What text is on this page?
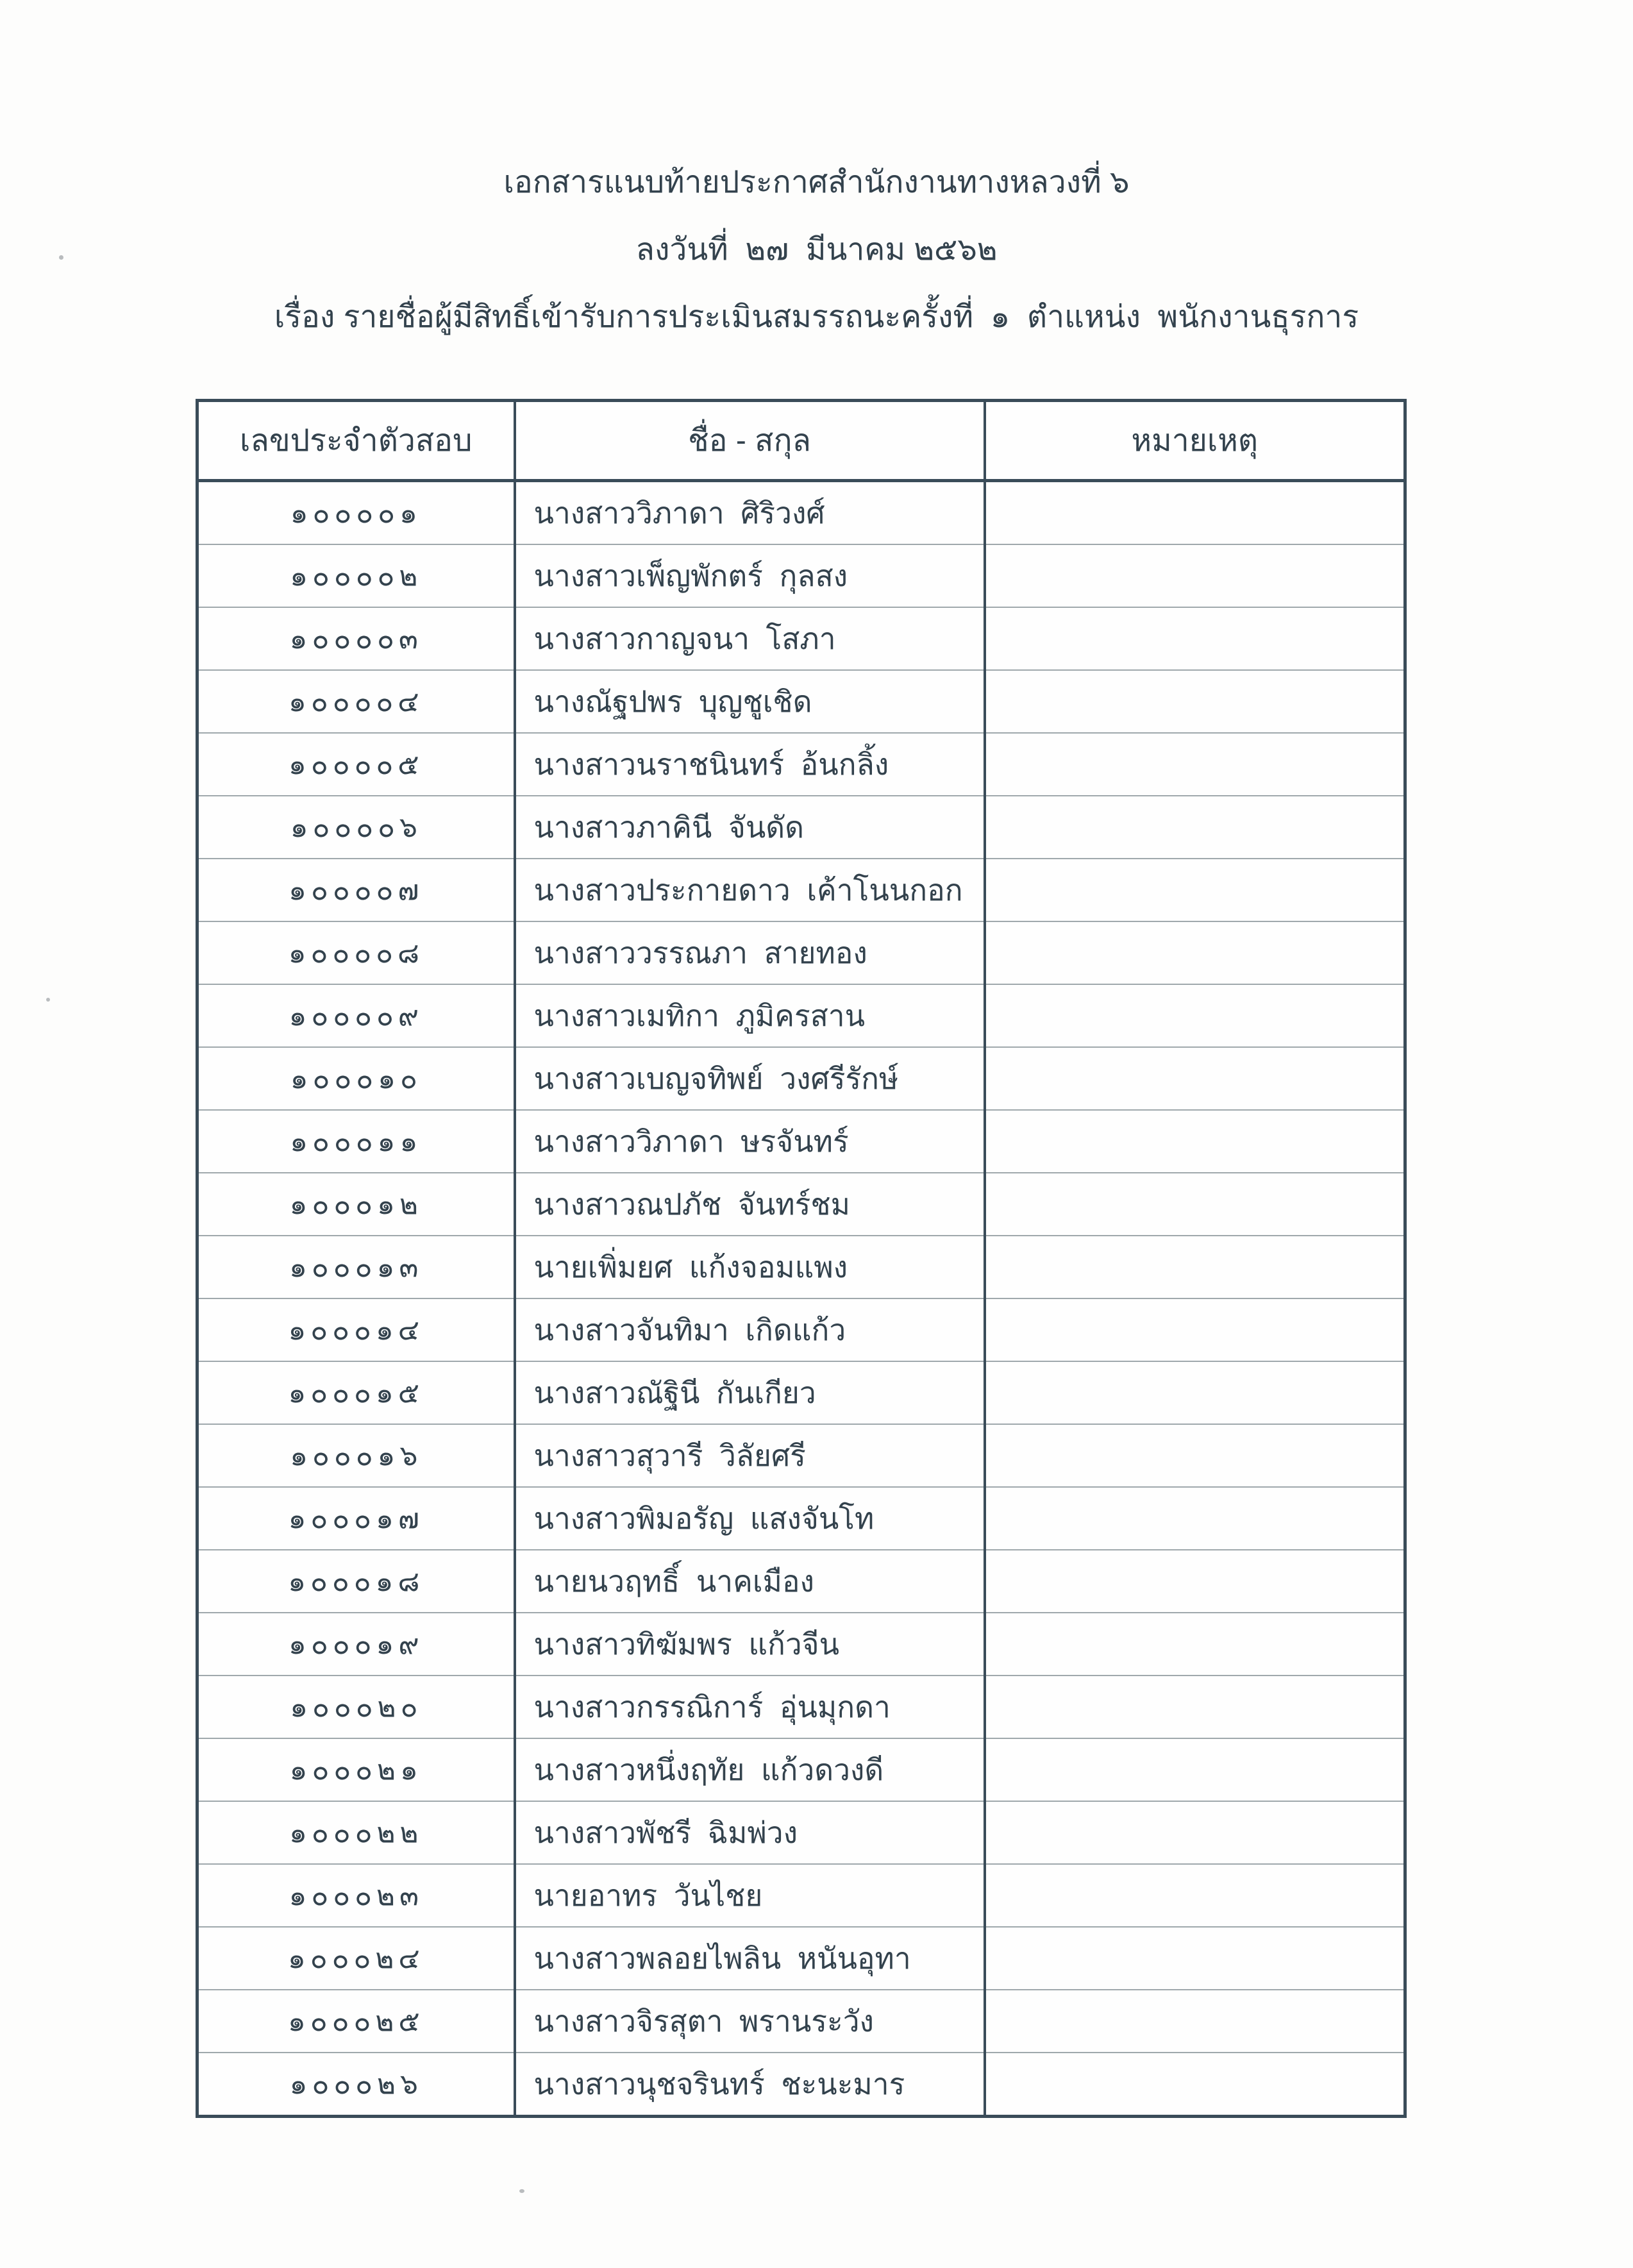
เอกสารแนบท้ายประกาศสำนักงานทางหลวงที่ ๖
ลงวันที่  ๒๗  มีนาคม ๒๕๖๒
เรื่อง รายชื่อผู้มีสิทธิ์เข้ารับการประเมินสมรรถนะครั้งที่  ๑  ตำแหน่ง  พนักงานธุรการ
เลขประจำตัวสอบ	ชื่อ - สกุล	หมายเหตุ
๑๐๐๐๐๑	นางสาววิภาดา  ศิริวงศ์	
๑๐๐๐๐๒	นางสาวเพ็ญพักตร์  กุลสง	
๑๐๐๐๐๓	นางสาวกาญจนา  โสภา	
๑๐๐๐๐๔	นางณัฐปพร  บุญชูเชิด	
๑๐๐๐๐๕	นางสาวนราชนินทร์  อ้นกลิ้ง	
๑๐๐๐๐๖	นางสาวภาคินี  จันดัด	
๑๐๐๐๐๗	นางสาวประกายดาว  เค้าโนนกอก	
๑๐๐๐๐๘	นางสาววรรณภา  สายทอง	
๑๐๐๐๐๙	นางสาวเมทิกา  ภูมิครสาน	
๑๐๐๐๑๐	นางสาวเบญจทิพย์  วงศรีรักษ์	
๑๐๐๐๑๑	นางสาววิภาดา  ษรจันทร์	
๑๐๐๐๑๒	นางสาวณปภัช  จันทร์ชม	
๑๐๐๐๑๓	นายเพิ่มยศ  แก้งจอมแพง	
๑๐๐๐๑๔	นางสาวจันทิมา  เกิดแก้ว	
๑๐๐๐๑๕	นางสาวณัฐินี  กันเกียว	
๑๐๐๐๑๖	นางสาวสุวารี  วิลัยศรี	
๑๐๐๐๑๗	นางสาวพิมอรัญ  แสงจันโท	
๑๐๐๐๑๘	นายนวฤทธิ์  นาคเมือง	
๑๐๐๐๑๙	นางสาวทิฆัมพร  แก้วจีน	
๑๐๐๐๒๐	นางสาวกรรณิการ์  อุ่นมุกดา	
๑๐๐๐๒๑	นางสาวหนึ่งฤทัย  แก้วดวงดี	
๑๐๐๐๒๒	นางสาวพัชรี  ฉิมพ่วง	
๑๐๐๐๒๓	นายอาทร  วันไชย	
๑๐๐๐๒๔	นางสาวพลอยไพลิน  หนันอุทา	
๑๐๐๐๒๕	นางสาวจิรสุตา  พรานระวัง	
๑๐๐๐๒๖	นางสาวนุชจรินทร์  ชะนะมาร	
